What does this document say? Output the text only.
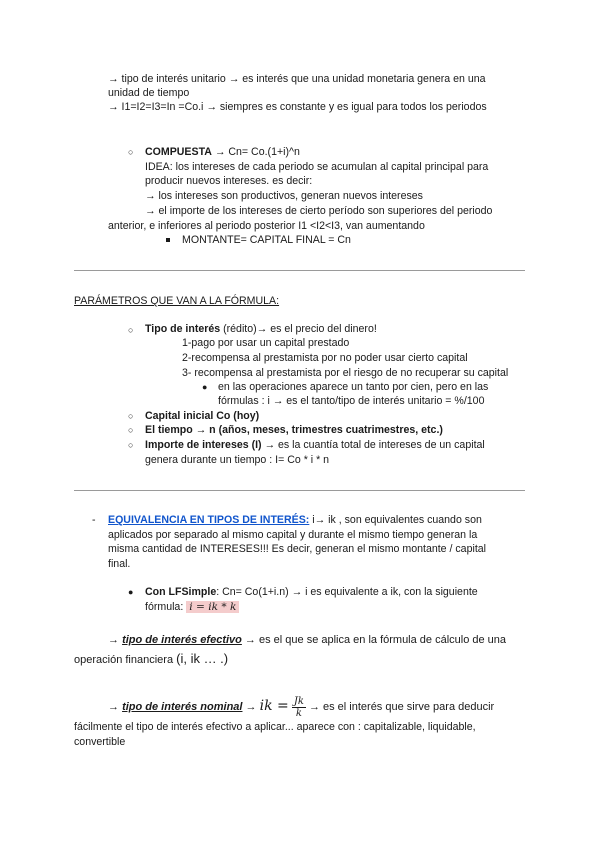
→ tipo de interés unitario → es interés que una unidad monetaria genera en una
unidad de tiempo
→ I1=I2=I3=In =Co.i → siempres es constante y es igual para todos los periodos
○ COMPUESTA → Cn= Co.(1+i)^n
IDEA: los intereses de cada periodo se acumulan al capital principal para
producir nuevos intereses. es decir:
→ los intereses son productivos, generan nuevos intereses
→ el importe de los intereses de cierto período son superiores del periodo
anterior, e inferiores al periodo posterior I1 <I2<I3, van aumentando
MONTANTE= CAPITAL FINAL = Cn
PARÁMETROS QUE VAN A LA FÓRMULA:
○ Tipo de interés (rédito)→ es el precio del dinero!
1-pago por usar un capital prestado
2-recompensa al prestamista por no poder usar cierto capital
3- recompensa al prestamista por el riesgo de no recuperar su capital
● en las operaciones aparece un tanto por cien, pero en las
fórmulas : i → es el tanto/tipo de interés unitario = %/100
○ Capital inicial Co (hoy)
○ El tiempo → n (años, meses, trimestres cuatrimestres, etc.)
○ Importe de intereses (I) → es la cuantía total de intereses de un capital
genera durante un tiempo : I= Co * i * n
- EQUIVALENCIA EN TIPOS DE INTERÉS: i→ ik , son equivalentes cuando son
aplicados por separado al mismo capital y durante el mismo tiempo generan la
misma cantidad de INTERESES!!! Es decir, generan el mismo montante / capital
final.
● Con LFSimple: Cn= Co(1+i.n) → i es equivalente a ik, con la siguiente
fórmula: i = ik * k
→ tipo de interés efectivo → es el que se aplica en la fórmula de cálculo de una
operación financiera (i, ik … .)
→ tipo de interés nominal → ik = $\frac{Jk}{k}$ → es el interés que sirve para deducir
fácilmente el tipo de interés efectivo a aplicar... aparece con : capitalizable, liquidable,
convertible
